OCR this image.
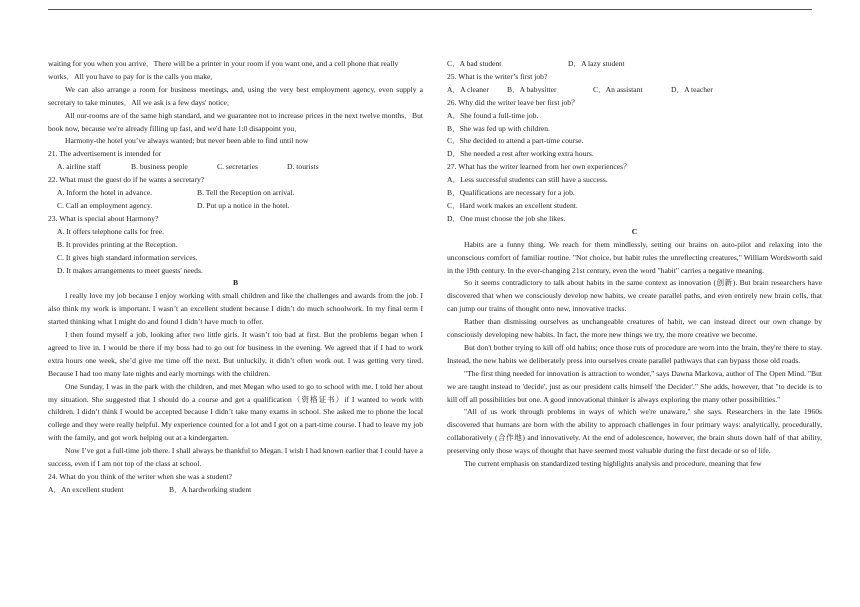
waiting for you when you arrive．There will be a printer in your room if you want one, and a cell phone that really works．All you have to pay for is the calls you make．

We can also arrange a room for business meetings, and, using the very best employment agency, even supply a secretary to take minutes．All we ask is a few days' notice．

All our-rooms are of the same high standard, and we guarantee not to increase prices in the next twelve months．But book now, because we're already filling up fast, and we'd hate 1:0 disappoint you．

Harmony-the hotel you’ve always wanted; but never been able to find until now

21. The advertisement is intended for

A. airline staff	B. business people	C. secretaries	D. tourists

22. What must the guest do if he wants a secretary?

A. Inform the hotel in advance.	B. Tell the Reception on arrival.
C. Call an employment agency.	D. Put up a notice in the hotel.

23. What is special about Harmony?

A. It offers telephone calls for free.

B. It provides printing at the Reception.

C. It gives high standard information services.

D. It makes arrangements to meet guests' needs.

B

I really love my job because I enjoy working with small children and like the challenges and awards from the job. I also think my work is important. I wasn’t an excellent student because I didn’t do much schoolwork. In my final term I started thinking what I might do and found I didn’t have much to offer.

I then found myself a job, looking after two little girls. It wasn’t too bad at first. But the problems began when I agreed to live in. I would be there if my boss had to go out for business in the evening. We agreed that if I had to work extra hours one week, she’d give me time off the next. But unluckily, it didn’t often work out. I was getting very tired. Because I had too many late nights and early mornings with the children.

One Sunday, I was in the park with the children, and met Megan who used to go to school with me. I told her about my situation. She suggested that I should do a course and get a qualification（资格证书）if I wanted to work with children. I didn’t think I would be accepted because I didn’t take many exams in school. She asked me to phone the local college and they were really helpful. My experience counted for a lot and I got on a part-time course. I had to leave my job with the family, and got work helping out at a kindergarten.

Now I’ve got a full-time job there. I shall always be thankful to Megan. I wish I had known earlier that I could have a success, even if I am not top of the class at school.

24. What do you think of the writer when she was a student?

A．An excellent student	B．A hardworking student
C．A bad student	D．A lazy student

25. What is the writer’s first job?

A．A cleaner	B．A babysitter	C．An assistant	D．A teacher

26. Why did the writer leave her first job？

A．She found a full-time job.

B．She was fed up with children.

C．She decided to attend a part-time course.

D．She needed a rest after working extra hours.

27. What has the writer learned from her own experiences？

A．Less successful students can still have a success.

B．Qualifications are necessary for a job.

C．Hard work makes an excellent student.

D．One must choose the job she likes.

C

Habits are a funny thing. We reach for them mindlessly, setting our brains on auto-pilot and relaxing into the unconscious comfort of familiar routine. "Not choice, but habit rules the unreflecting creatures," William Wordsworth said in the 19th century. In the ever-changing 21st century, even the word "habit" carries a negative meaning.

So it seems contradictory to talk about habits in the same context as innovation (创新). But brain researchers have discovered that when we consciously develop new habits, we create parallel paths, and even entirely new brain cells, that can jump our trains of thought onto new, innovative tracks.

Rather than dismissing ourselves as unchangeable creatures of habit, we can instead direct our own change by consciously developing new habits. In fact, the more new things we try, the more creative we become.

But don't bother trying to kill off old habits; once those ruts of procedure are worn into the brain, they're there to stay. Instead, the new habits we deliberately press into ourselves create parallel pathways that can bypass those old roads.

"The first thing needed for innovation is attraction to wonder," says Dawna Markova, author of The Open Mind. "But we are taught instead to 'decide', just as our president calls himself 'the Decider'." She adds, however, that "to decide is to kill off all possibilities but one. A good innovational thinker is always exploring the many other possibilities."

"All of us work through problems in ways of which we're unaware," she says. Researchers in the late 1960s discovered that humans are born with the ability to approach challenges in four primary ways: analytically, procedurally, collaboratively (合作地) and innovatively. At the end of adolescence, however, the brain shuts down half of that ability, preserving only those ways of thought that have seemed most valuable during the first decade or so of life.

The current emphasis on standardized testing highlights analysis and procedure, meaning that few
